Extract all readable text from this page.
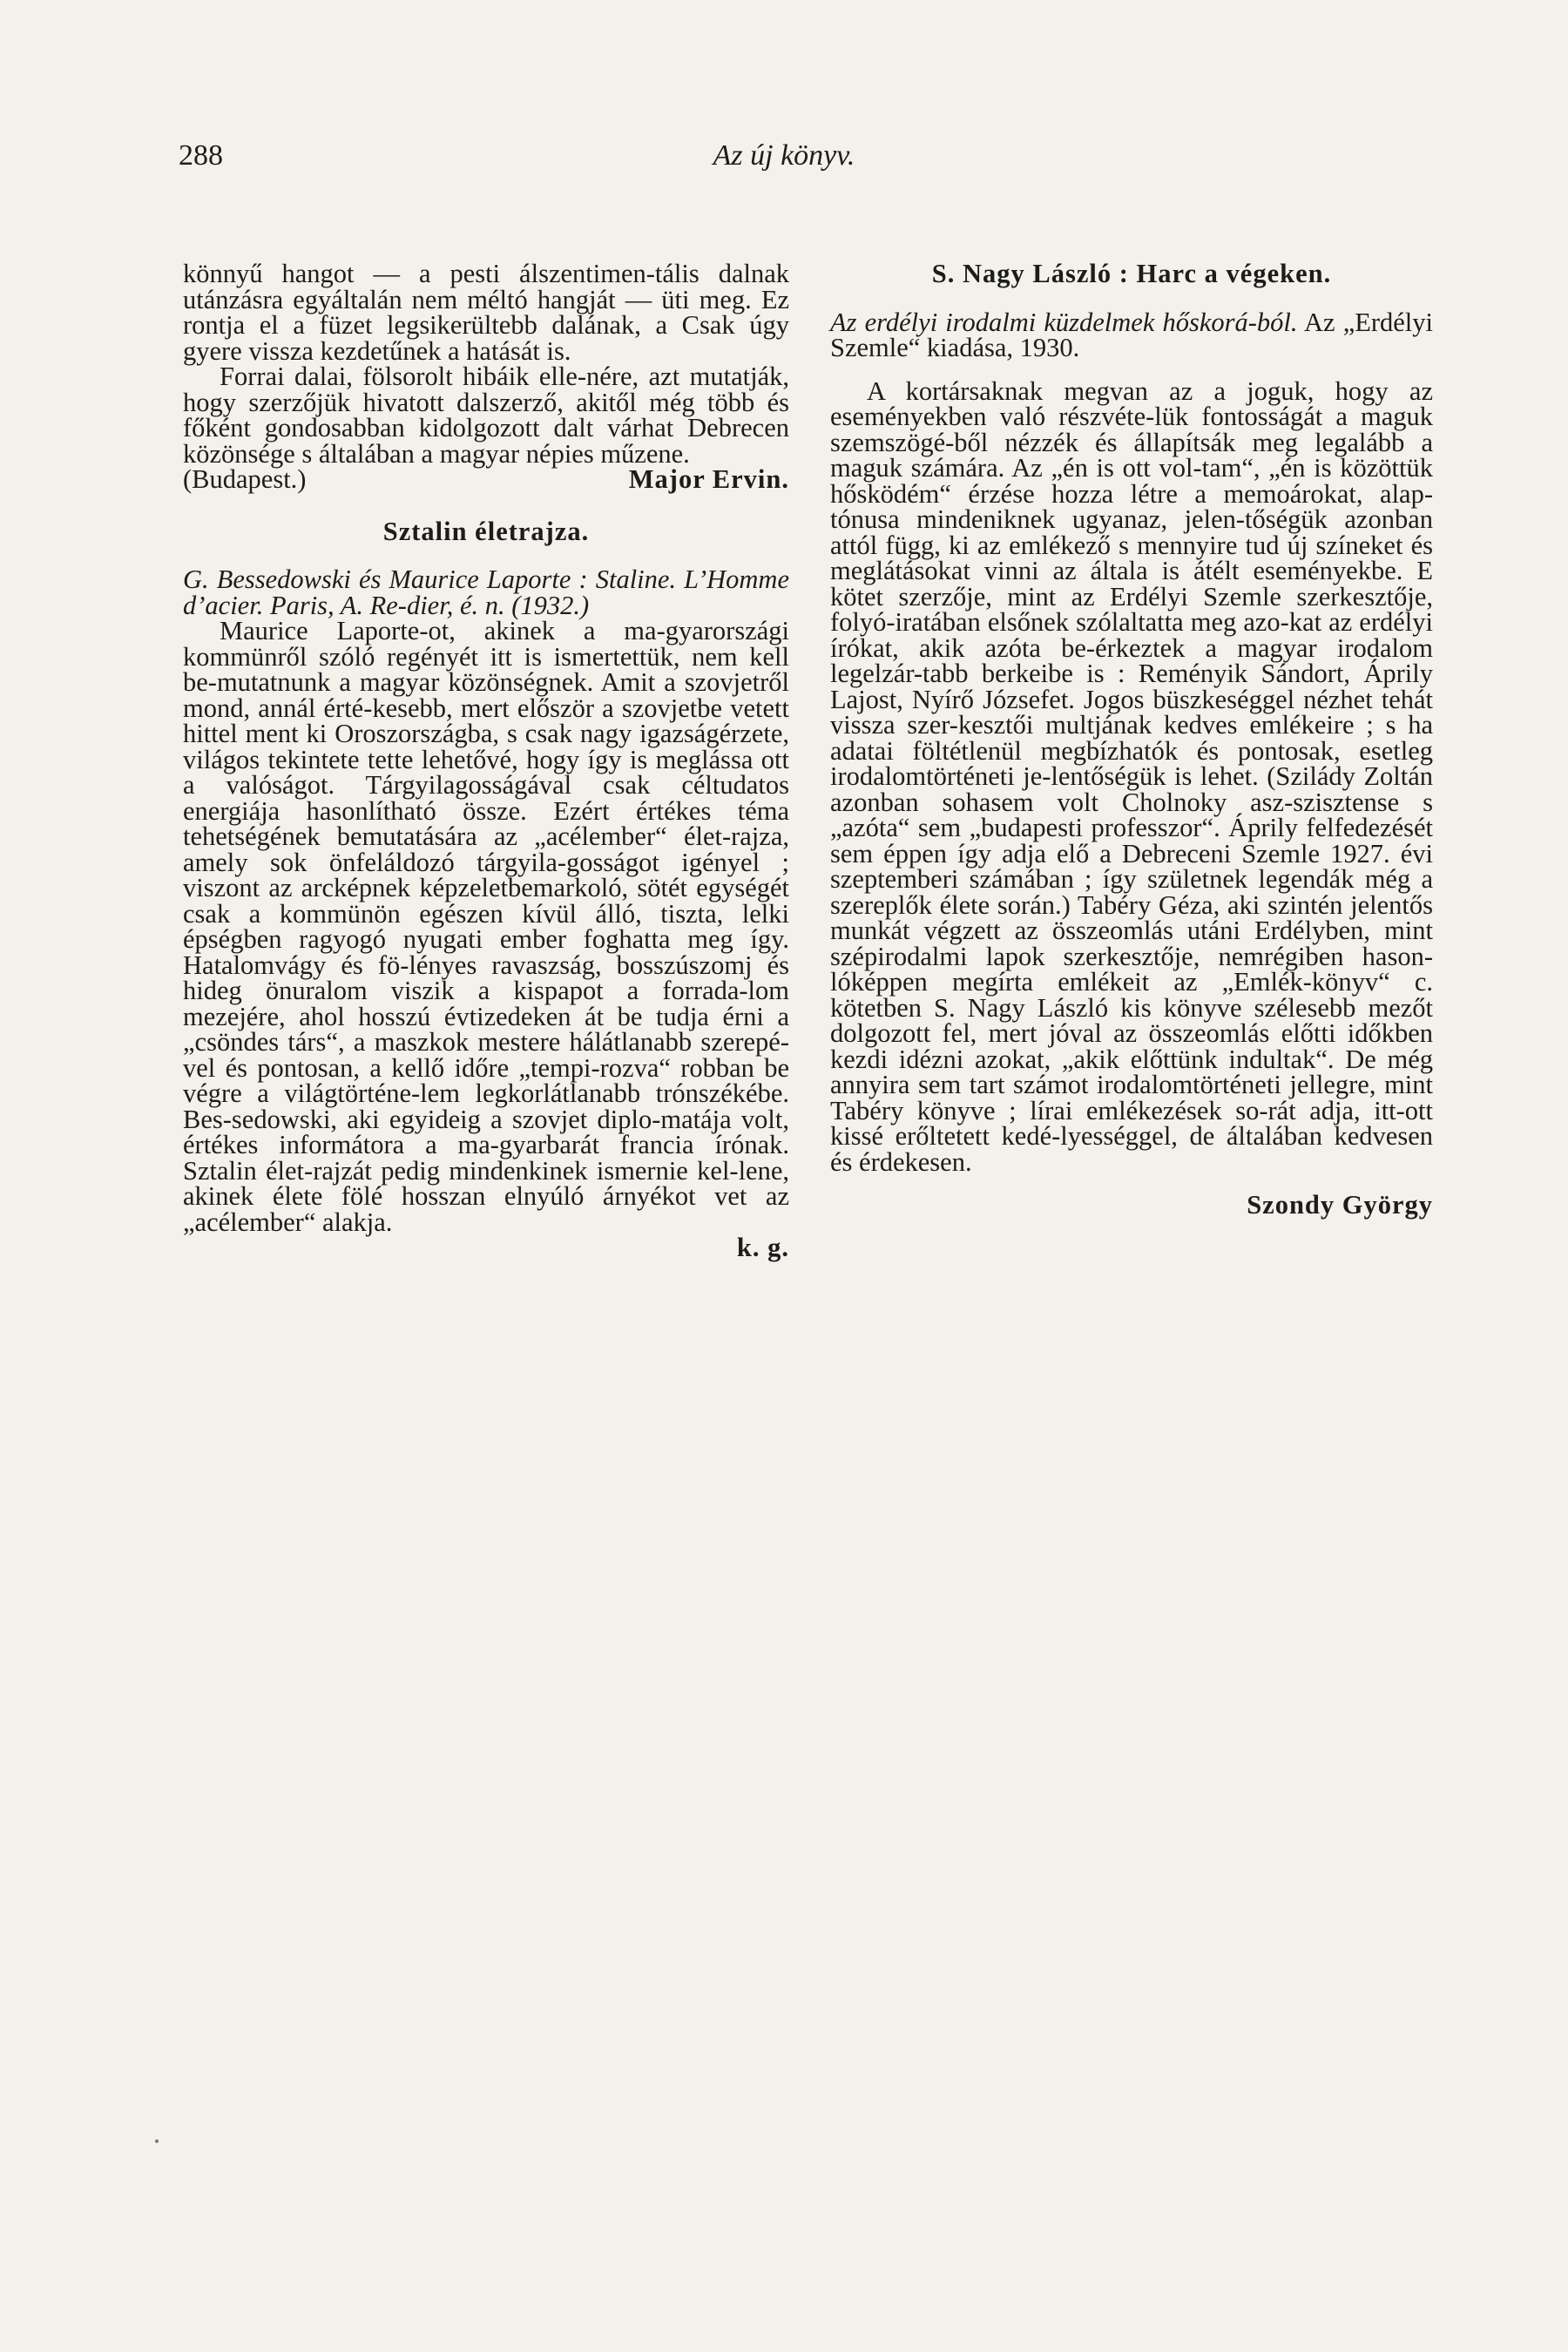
288	Az új könyv.

könnyű hangot — a pesti álszentimen-tális dalnak utánzásra egyáltalán nem méltó hangját — üti meg. Ez rontja el a füzet legsikerültebb dalának, a Csak úgy gyere vissza kezdetűnek a hatását is.

Forrai dalai, fölsorolt hibáik elle-nére, azt mutatják, hogy szerzőjük hivatott dalszerző, akitől még több és főként gondosabban kidolgozott dalt várhat Debrecen közönsége s általában a magyar népies műzene.

(Budapest.)	Major Ervin.
Sztalin életrajza.

G. Bessedowski és Maurice Laporte : Staline. L’Homme d’acier. Paris, A. Re-dier, é. n. (1932.)

Maurice Laporte-ot, akinek a ma-gyarországi kommünről szóló regényét itt is ismertettük, nem kell be-mutatnunk a magyar közönségnek. Amit a szovjetről mond, annál érté-kesebb, mert először a szovjetbe vetett hittel ment ki Oroszországba, s csak nagy igazságérzete, világos tekintete tette lehetővé, hogy így is meglássa ott a valóságot. Tárgyilagosságával csak céltudatos energiája hasonlítható össze. Ezért értékes téma tehetségének bemutatására az „acélember“ élet-rajza, amely sok önfeláldozó tárgyila-gosságot igényel ; viszont az arcképnek képzeletbemarkoló, sötét egységét csak a kommünön egészen kívül álló, tiszta, lelki épségben ragyogó nyugati ember foghatta meg így. Hatalomvágy és fö-lényes ravaszság, bosszúszomj és hideg önuralom viszik a kispapot a forrada-lom mezejére, ahol hosszú évtizedeken át be tudja érni a „csöndes társ“, a maszkok mestere hálátlanabb szerepé-vel és pontosan, a kellő időre „tempi-rozva“ robban be végre a világtörténe-lem legkorlátlanabb trónszékébe. Bes-sedowski, aki egyideig a szovjet diplo-matája volt, értékes informátora a ma-gyarbarát francia írónak. Sztalin élet-rajzát pedig mindenkinek ismernie kel-lene, akinek élete fölé hosszan elnyúló árnyékot vet az „acélember“ alakja.

k. g.
S. Nagy László : Harc a végeken.

Az erdélyi irodalmi küzdelmek hőskorá-ból. Az „Erdélyi Szemle“ kiadása, 1930.

A kortársaknak megvan az a joguk, hogy az eseményekben való részvéte-lük fontosságát a maguk szemszögé-ből nézzék és állapítsák meg legalább a maguk számára. Az „én is ott vol-tam“, „én is közöttük hősködém“ érzése hozza létre a memoárokat, alap-tónusa mindeniknek ugyanaz, jelen-tőségük azonban attól függ, ki az emlékező s mennyire tud új színeket és meglátásokat vinni az általa is átélt eseményekbe. E kötet szerzője, mint az Erdélyi Szemle szerkesztője, folyó-iratában elsőnek szólaltatta meg azo-kat az erdélyi írókat, akik azóta be-érkeztek a magyar irodalom legelzár-tabb berkeibe is : Reményik Sándort, Áprily Lajost, Nyírő Józsefet. Jogos büszkeséggel nézhet tehát vissza szer-kesztői multjának kedves emlékeire ; s ha adatai föltétlenül megbízhatók és pontosak, esetleg irodalomtörténeti je-lentőségük is lehet. (Szilády Zoltán azonban sohasem volt Cholnoky asz-szisztense s „azóta“ sem „budapesti professzor“. Áprily felfedezését sem éppen így adja elő a Debreceni Szemle 1927. évi szeptemberi számában ; így születnek legendák még a szereplők élete során.) Tabéry Géza, aki szintén jelentős munkát végzett az összeomlás utáni Erdélyben, mint szépirodalmi lapok szerkesztője, nemrégiben hason-lóképpen megírta emlékeit az „Emlék-könyv“ c. kötetben S. Nagy László kis könyve szélesebb mezőt dolgozott fel, mert jóval az összeomlás előtti időkben kezdi idézni azokat, „akik előttünk indultak“. De még annyira sem tart számot irodalomtörténeti jellegre, mint Tabéry könyve ; lírai emlékezések so-rát adja, itt-ott kissé erőltetett kedé-lyességgel, de általában kedvesen és érdekesen.

Szondy György
